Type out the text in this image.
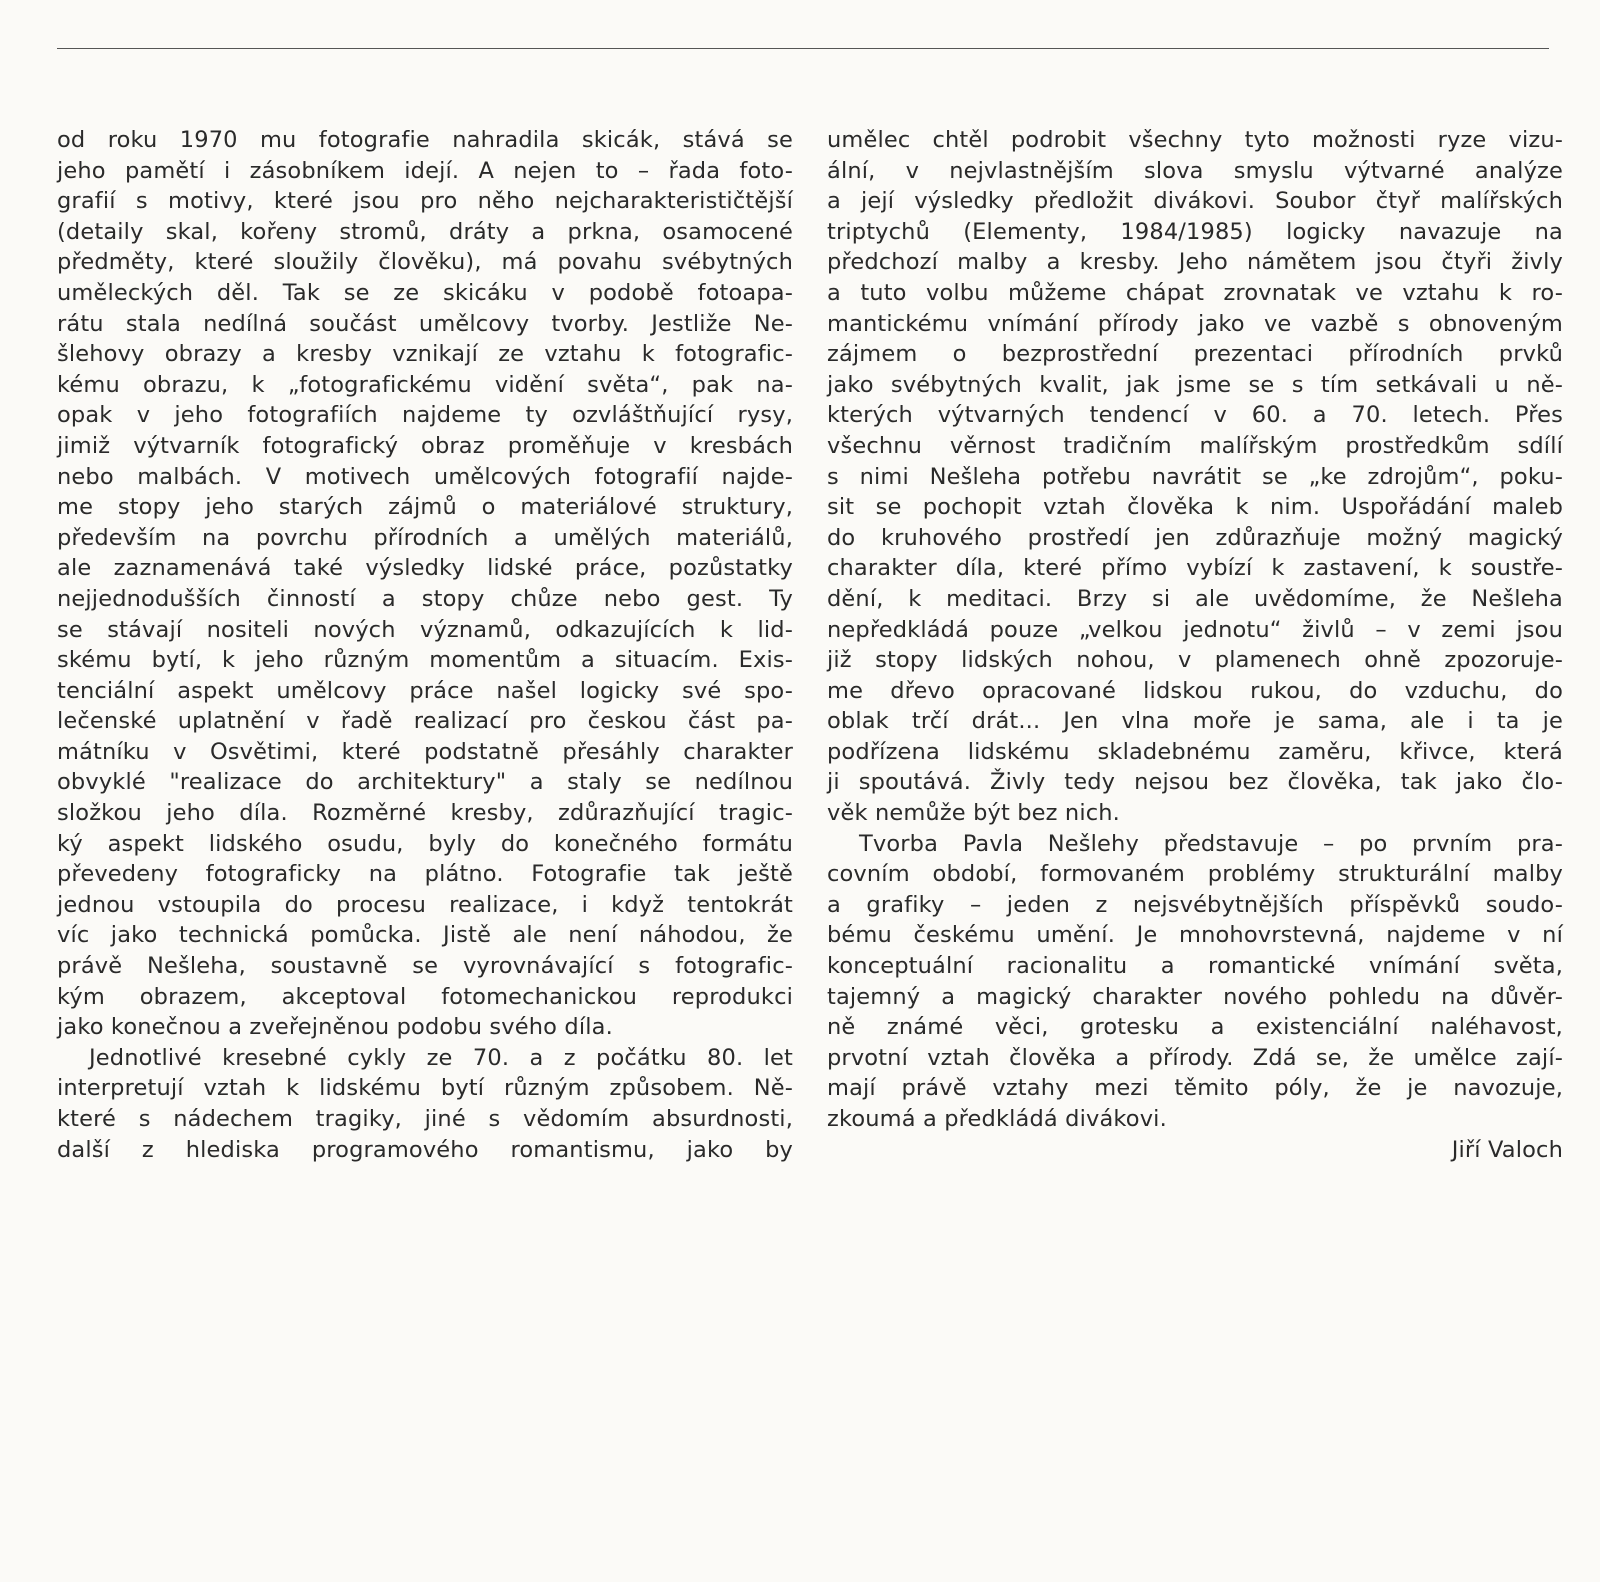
od roku 1970 mu fotografie nahradila skicák, stává se
jeho pamětí i zásobníkem idejí. A nejen to – řada foto-
grafií s motivy, které jsou pro něho nejcharakterističtější
(detaily skal, kořeny stromů, dráty a prkna, osamocené
předměty, které sloužily člověku), má povahu svébytných
uměleckých děl. Tak se ze skicáku v podobě fotoapa-
rátu stala nedílná součást umělcovy tvorby. Jestliže Ne-
šlehovy obrazy a kresby vznikají ze vztahu k fotografic-
kému obrazu, k „fotografickému vidění světa“, pak na-
opak v jeho fotografiích najdeme ty ozvláštňující rysy,
jimiž výtvarník fotografický obraz proměňuje v kresbách
nebo malbách. V motivech umělcových fotografií najde-
me stopy jeho starých zájmů o materiálové struktury,
především na povrchu přírodních a umělých materiálů,
ale zaznamenává také výsledky lidské práce, pozůstatky
nejjednodušších činností a stopy chůze nebo gest. Ty
se stávají nositeli nových významů, odkazujících k lid-
skému bytí, k jeho různým momentům a situacím. Exis-
tenciální aspekt umělcovy práce našel logicky své spo-
lečenské uplatnění v řadě realizací pro českou část pa-
mátníku v Osvětimi, které podstatně přesáhly charakter
obvyklé "realizace do architektury" a staly se nedílnou
složkou jeho díla. Rozměrné kresby, zdůrazňující tragic-
ký aspekt lidského osudu, byly do konečného formátu
převedeny fotograficky na plátno. Fotografie tak ještě
jednou vstoupila do procesu realizace, i když tentokrát
víc jako technická pomůcka. Jistě ale není náhodou, že
právě Nešleha, soustavně se vyrovnávající s fotografic-
kým obrazem, akceptoval fotomechanickou reprodukci
jako konečnou a zveřejněnou podobu svého díla.
Jednotlivé kresebné cykly ze 70. a z počátku 80. let
interpretují vztah k lidskému bytí různým způsobem. Ně-
které s nádechem tragiky, jiné s vědomím absurdnosti,
další z hlediska programového romantismu, jako by
umělec chtěl podrobit všechny tyto možnosti ryze vizu-
ální, v nejvlastnějším slova smyslu výtvarné analýze
a její výsledky předložit divákovi. Soubor čtyř malířských
triptychů (Elementy, 1984/1985) logicky navazuje na
předchozí malby a kresby. Jeho námětem jsou čtyři živly
a tuto volbu můžeme chápat zrovnatak ve vztahu k ro-
mantickému vnímání přírody jako ve vazbě s obnoveným
zájmem o bezprostřední prezentaci přírodních prvků
jako svébytných kvalit, jak jsme se s tím setkávali u ně-
kterých výtvarných tendencí v 60. a 70. letech. Přes
všechnu věrnost tradičním malířským prostředkům sdílí
s nimi Nešleha potřebu navrátit se „ke zdrojům“, poku-
sit se pochopit vztah člověka k nim. Uspořádání maleb
do kruhového prostředí jen zdůrazňuje možný magický
charakter díla, které přímo vybízí k zastavení, k soustře-
dění, k meditaci. Brzy si ale uvědomíme, že Nešleha
nepředkládá pouze „velkou jednotu“ živlů – v zemi jsou
již stopy lidských nohou, v plamenech ohně zpozoruje-
me dřevo opracované lidskou rukou, do vzduchu, do
oblak trčí drát... Jen vlna moře je sama, ale i ta je
podřízena lidskému skladebnému zaměru, křivce, která
ji spoutává. Živly tedy nejsou bez člověka, tak jako člo-
věk nemůže být bez nich.
Tvorba Pavla Nešlehy představuje – po prvním pra-
covním období, formovaném problémy strukturální malby
a grafiky – jeden z nejsvébytnějších příspěvků soudo-
bému českému umění. Je mnohovrstevná, najdeme v ní
konceptuální racionalitu a romantické vnímání světa,
tajemný a magický charakter nového pohledu na důvěr-
ně známé věci, grotesku a existenciální naléhavost,
prvotní vztah člověka a přírody. Zdá se, že umělce zají-
mají právě vztahy mezi těmito póly, že je navozuje,
zkoumá a předkládá divákovi.
Jiří Valoch
